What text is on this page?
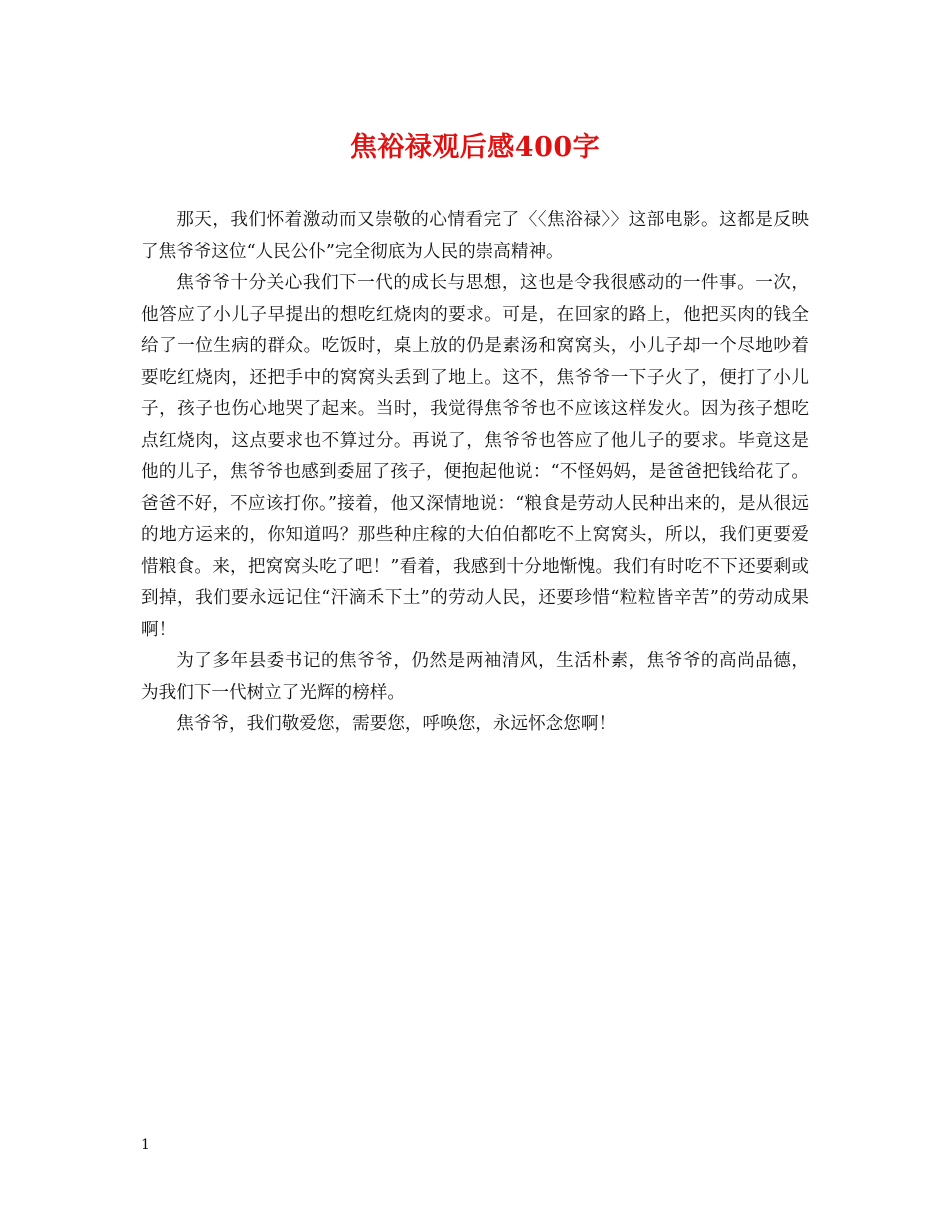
焦裕禄观后感400字

那天，我们怀着激动而又崇敬的心情看完了〈〈焦浴禄〉〉这部电影。这都是反映了焦爷爷这位“人民公仆”完全彻底为人民的崇高精神。

焦爷爷十分关心我们下一代的成长与思想，这也是令我很感动的一件事。一次，他答应了小儿子早提出的想吃红烧肉的要求。可是，在回家的路上，他把买肉的钱全给了一位生病的群众。吃饭时，桌上放的仍是素汤和窝窝头，小儿子却一个尽地吵着要吃红烧肉，还把手中的窝窝头丢到了地上。这不，焦爷爷一下子火了，便打了小儿子，孩子也伤心地哭了起来。当时，我觉得焦爷爷也不应该这样发火。因为孩子想吃点红烧肉，这点要求也不算过分。再说了，焦爷爷也答应了他儿子的要求。毕竟这是他的儿子，焦爷爷也感到委屈了孩子，便抱起他说：“不怪妈妈，是爸爸把钱给花了。爸爸不好，不应该打你。”接着，他又深情地说：“粮食是劳动人民种出来的，是从很远的地方运来的，你知道吗？那些种庄稼的大伯伯都吃不上窝窝头，所以，我们更要爱惜粮食。来，把窝窝头吃了吧！”看着，我感到十分地惭愧。我们有时吃不下还要剩或到掉，我们要永远记住“汗滴禾下土”的劳动人民，还要珍惜“粒粒皆辛苦”的劳动成果啊！

为了多年县委书记的焦爷爷，仍然是两袖清风，生活朴素，焦爷爷的高尚品德，为我们下一代树立了光辉的榜样。

焦爷爷，我们敬爱您，需要您，呼唤您，永远怀念您啊！

1
